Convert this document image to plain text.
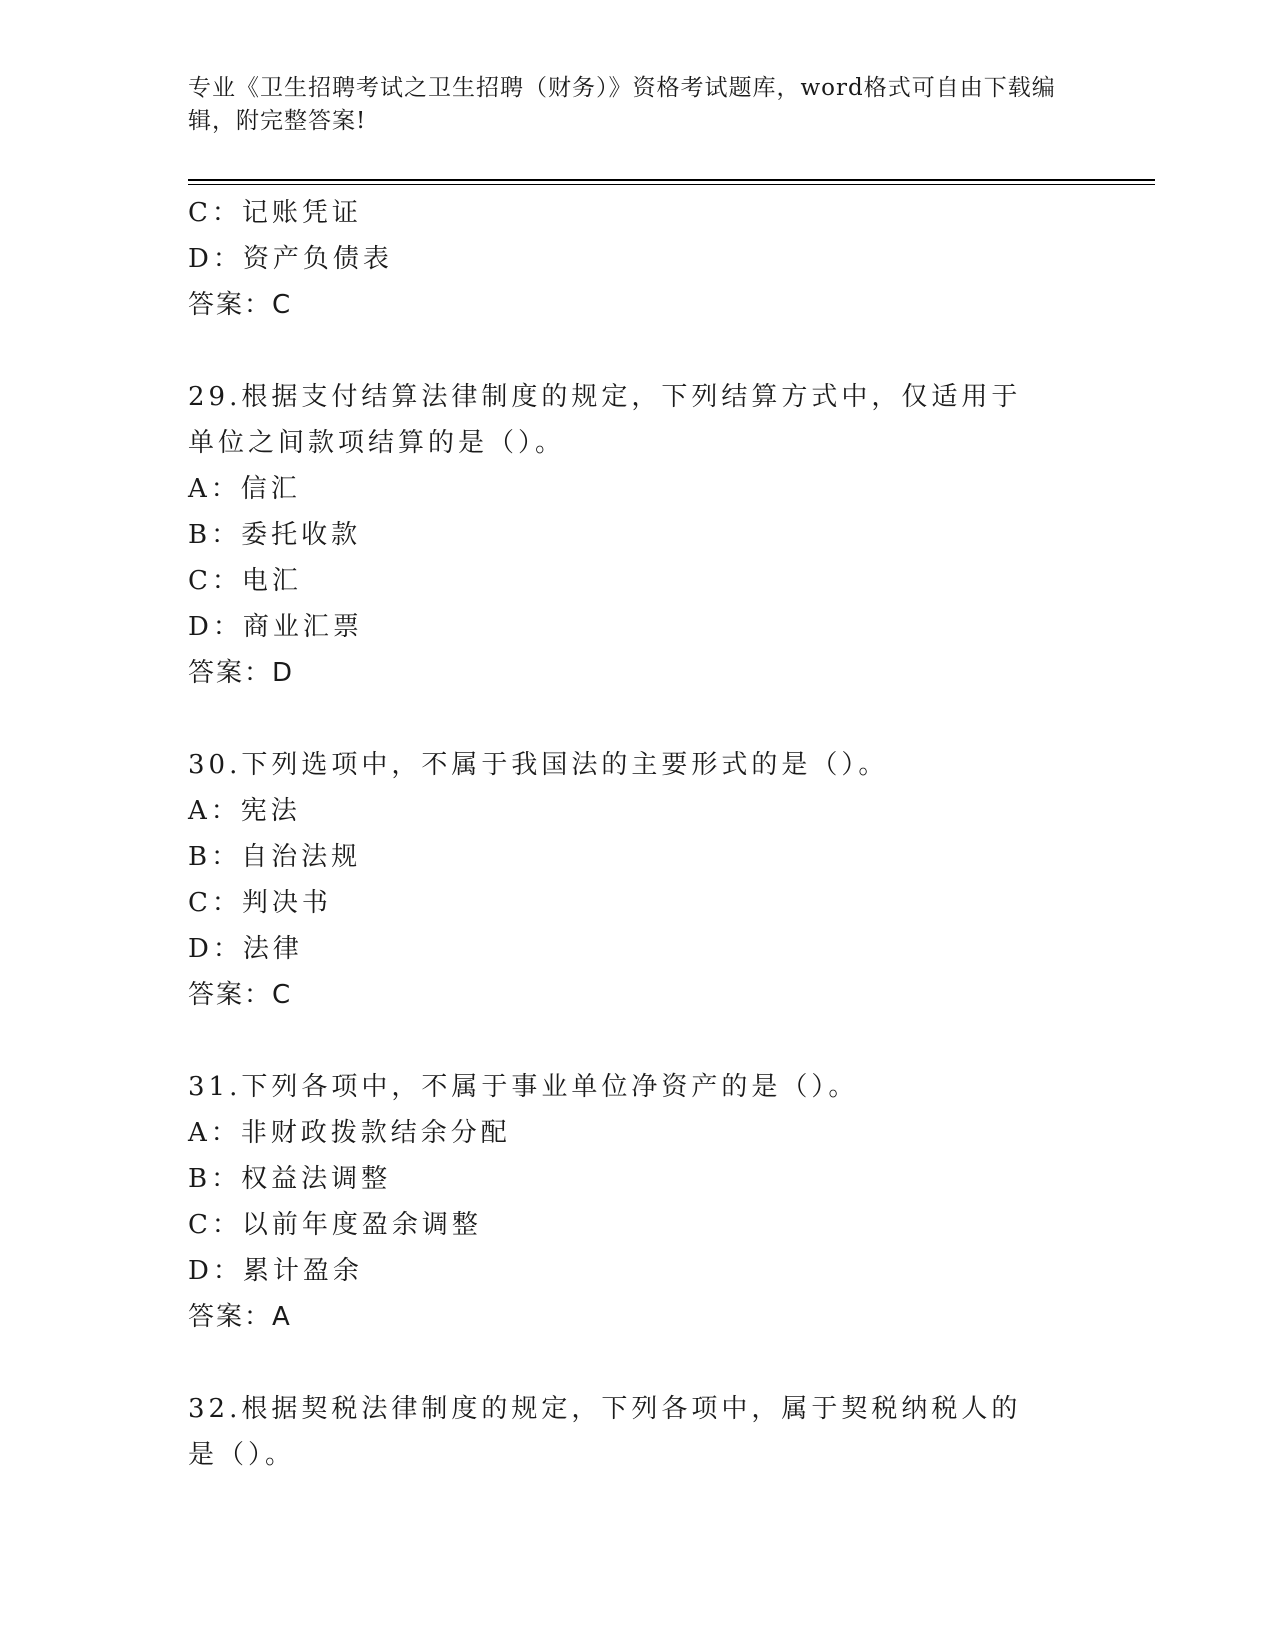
专业《卫生招聘考试之卫生招聘（财务）》资格考试题库，word格式可自由下载编辑，附完整答案!
C：记账凭证
D：资产负债表
答案：C
29.根据支付结算法律制度的规定，下列结算方式中，仅适用于单位之间款项结算的是（）。
A：信汇
B：委托收款
C：电汇
D：商业汇票
答案：D
30.下列选项中，不属于我国法的主要形式的是（）。
A：宪法
B：自治法规
C：判决书
D：法律
答案：C
31.下列各项中，不属于事业单位净资产的是（）。
A：非财政拨款结余分配
B：权益法调整
C：以前年度盈余调整
D：累计盈余
答案：A
32.根据契税法律制度的规定，下列各项中，属于契税纳税人的是（）。
